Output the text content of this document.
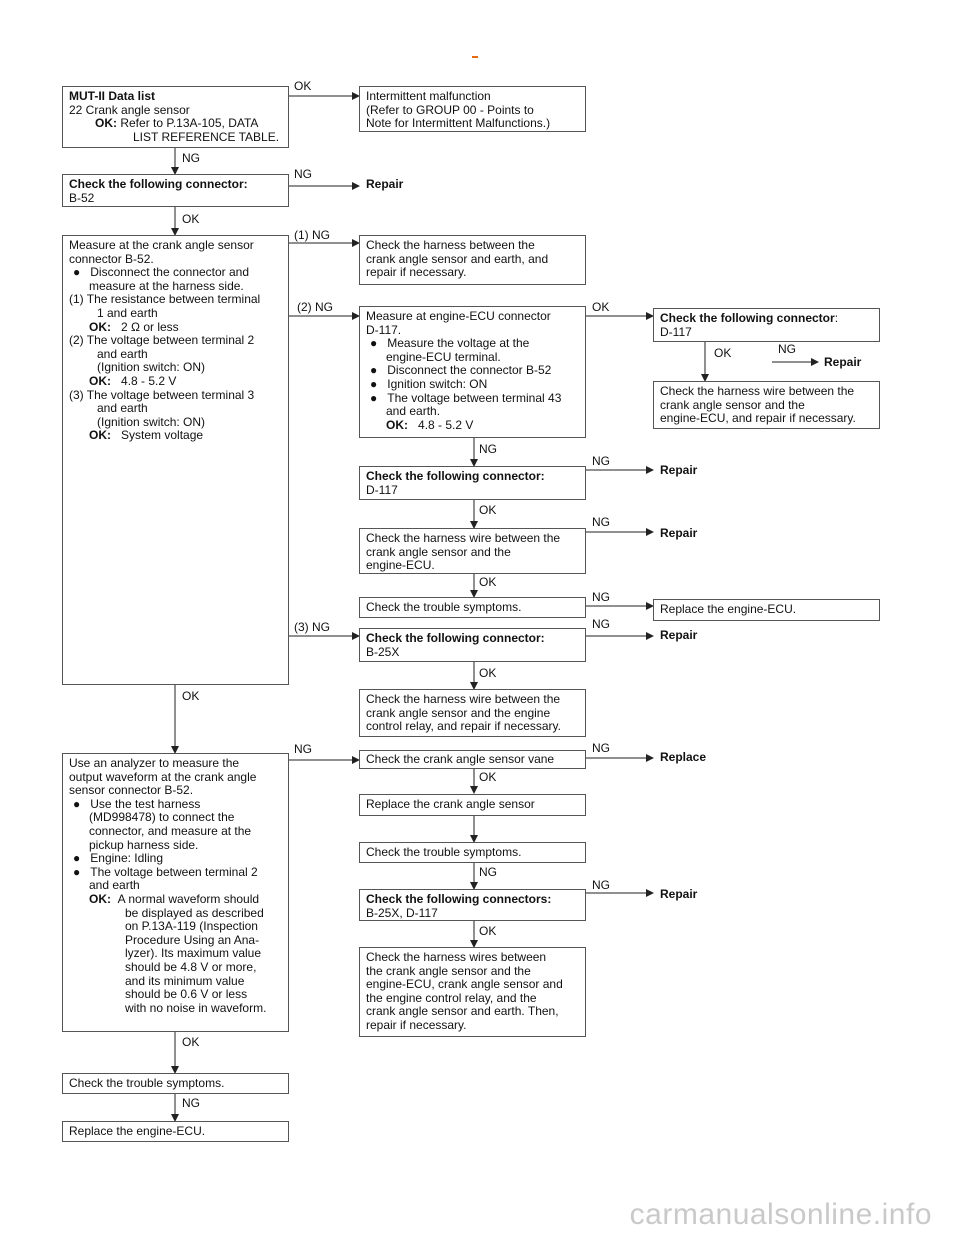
MUT-II Data list
22 Crank angle sensor
OK: Refer to P.13A-105, DATA
LIST REFERENCE TABLE.
Check the following connector:
B-52
Measure at the crank angle sensor
connector B-52.
● Disconnect the connector and
measure at the harness side.
(1) The resistance between terminal
1 and earth
OK: 2 Ω or less
(2) The voltage between terminal 2
and earth
(Ignition switch: ON)
OK: 4.8 - 5.2 V
(3) The voltage between terminal 3
and earth
(Ignition switch: ON)
OK: System voltage
Use an analyzer to measure the
output waveform at the crank angle
sensor connector B-52.
● Use the test harness
(MD998478) to connect the
connector, and measure at the
pickup harness side.
● Engine: Idling
● The voltage between terminal 2
and earth
OK: A normal waveform should
be displayed as described
on P.13A-119 (Inspection
Procedure Using an Ana-
lyzer). Its maximum value
should be 4.8 V or more,
and its minimum value
should be 0.6 V or less
with no noise in waveform.
Check the trouble symptoms.
Replace the engine-ECU.
Intermittent malfunction
(Refer to GROUP 00 - Points to
Note for Intermittent Malfunctions.)
Check the harness between the
crank angle sensor and earth, and
repair if necessary.
Measure at engine-ECU connector
D-117.
● Measure the voltage at the
engine-ECU terminal.
● Disconnect the connector B-52
● Ignition switch: ON
● The voltage between terminal 43
and earth.
OK: 4.8 - 5.2 V
Check the following connector:
D-117
Check the harness wire between the
crank angle sensor and the
engine-ECU.
Check the trouble symptoms.
Check the following connector:
B-25X
Check the harness wire between the
crank angle sensor and the engine
control relay, and repair if necessary.
Check the crank angle sensor vane
Replace the crank angle sensor
Check the trouble symptoms.
Check the following connectors:
B-25X, D-117
Check the harness wires between
the crank angle sensor and the
engine-ECU, crank angle sensor and
the engine control relay, and the
crank angle sensor and earth. Then,
repair if necessary.
Check the following connector:
D-117
Check the harness wire between the
crank angle sensor and the
engine-ECU, and repair if necessary.
Replace the engine-ECU.
Repair
Repair
Repair
Repair
Repair
Replace
Repair
OK
NG
NG
OK
(1) NG
(2) NG	OK
OK	NG
NG
NG
OK
NG
OK
NG
(3) NG	NG
OK
OK
NG	NG
OK
NG
NG
OK
OK
NG
carmanualsonline.info
